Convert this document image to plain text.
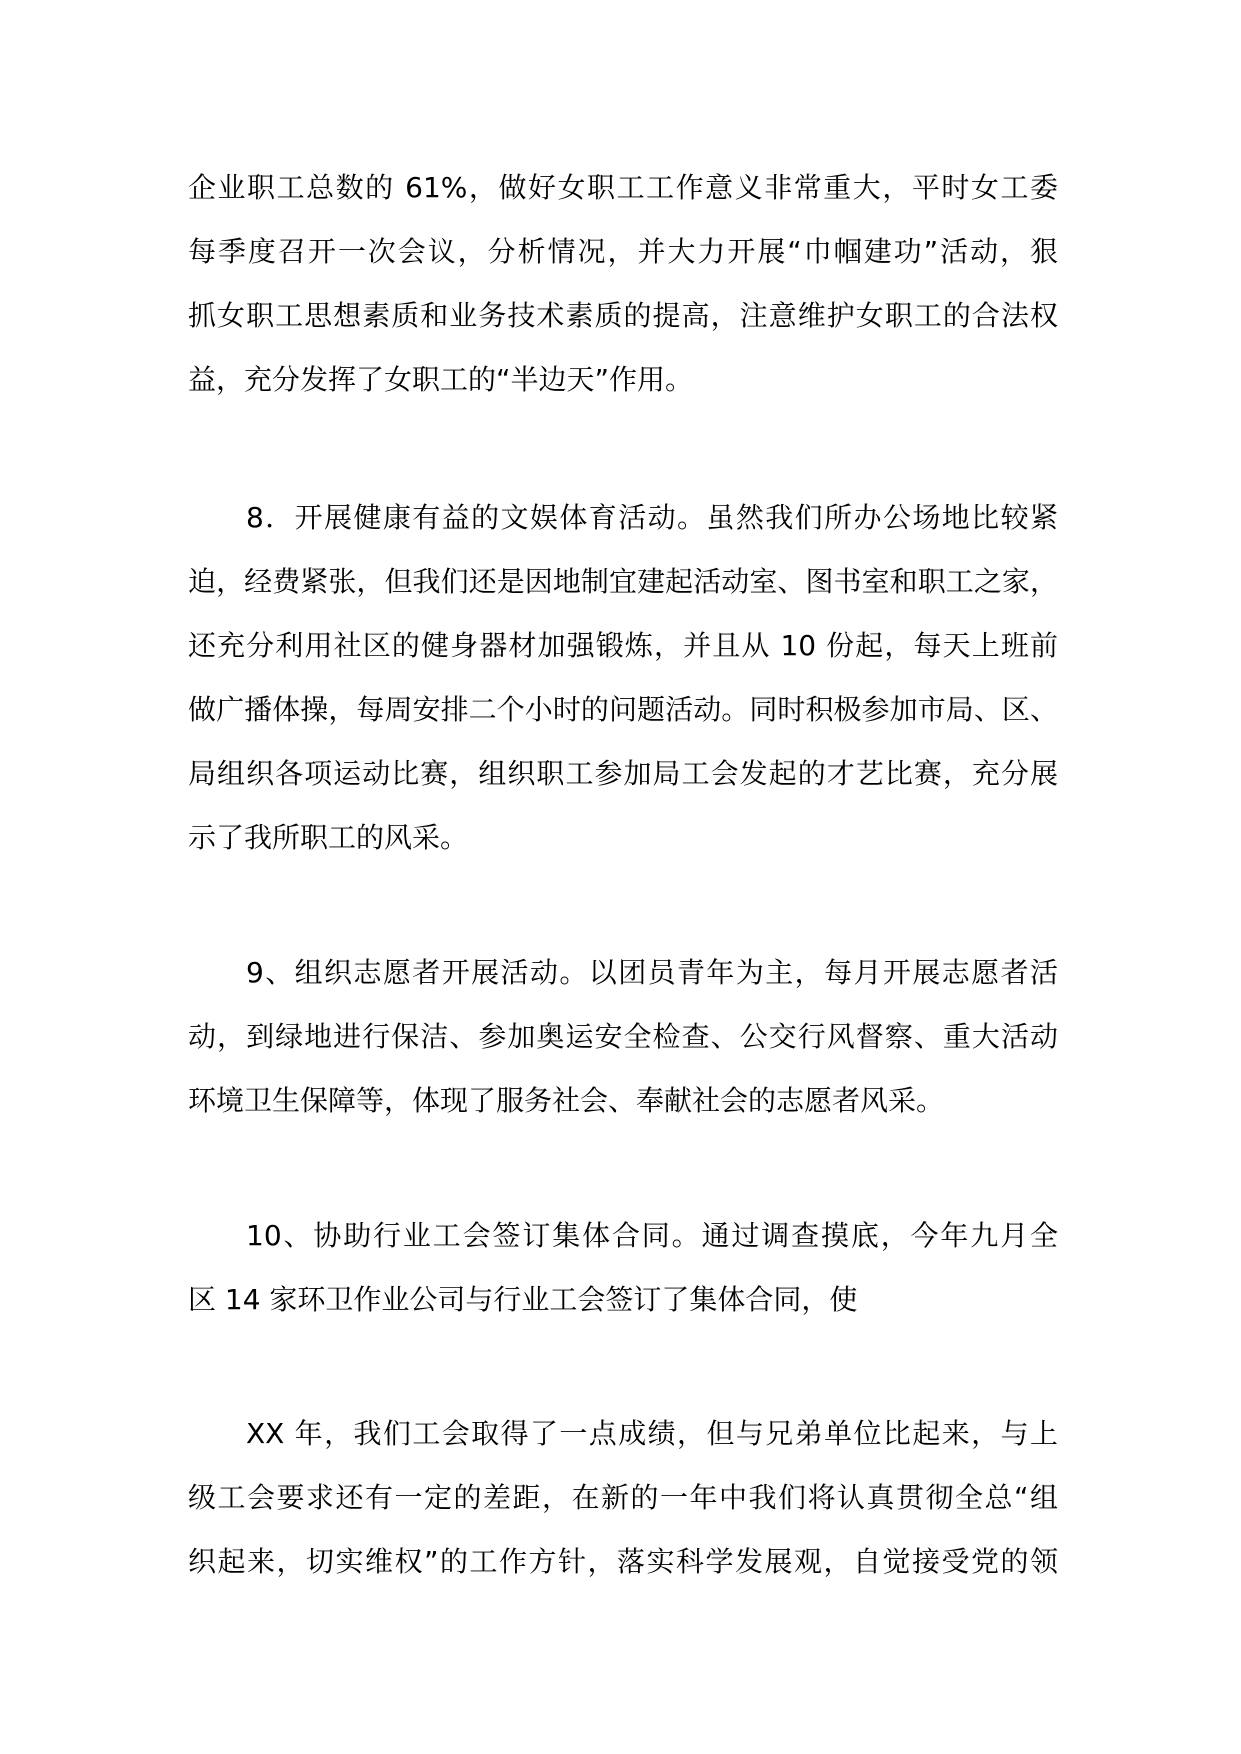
企业职工总数的 61%，做好女职工工作意义非常重大，平时女工委
每季度召开一次会议，分析情况，并大力开展“巾帼建功”活动，狠
抓女职工思想素质和业务技术素质的提高，注意维护女职工的合法权
益，充分发挥了女职工的“半边天”作用。
8．开展健康有益的文娱体育活动。虽然我们所办公场地比较紧
迫，经费紧张，但我们还是因地制宜建起活动室、图书室和职工之家，
还充分利用社区的健身器材加强锻炼，并且从 10 份起，每天上班前
做广播体操，每周安排二个小时的问题活动。同时积极参加市局、区、
局组织各项运动比赛，组织职工参加局工会发起的才艺比赛，充分展
示了我所职工的风采。
9、组织志愿者开展活动。以团员青年为主，每月开展志愿者活
动，到绿地进行保洁、参加奥运安全检查、公交行风督察、重大活动
环境卫生保障等，体现了服务社会、奉献社会的志愿者风采。
10、协助行业工会签订集体合同。通过调查摸底，今年九月全
区 14 家环卫作业公司与行业工会签订了集体合同，使
XX 年，我们工会取得了一点成绩，但与兄弟单位比起来，与上
级工会要求还有一定的差距，在新的一年中我们将认真贯彻全总“组
织起来，切实维权”的工作方针，落实科学发展观，自觉接受党的领
